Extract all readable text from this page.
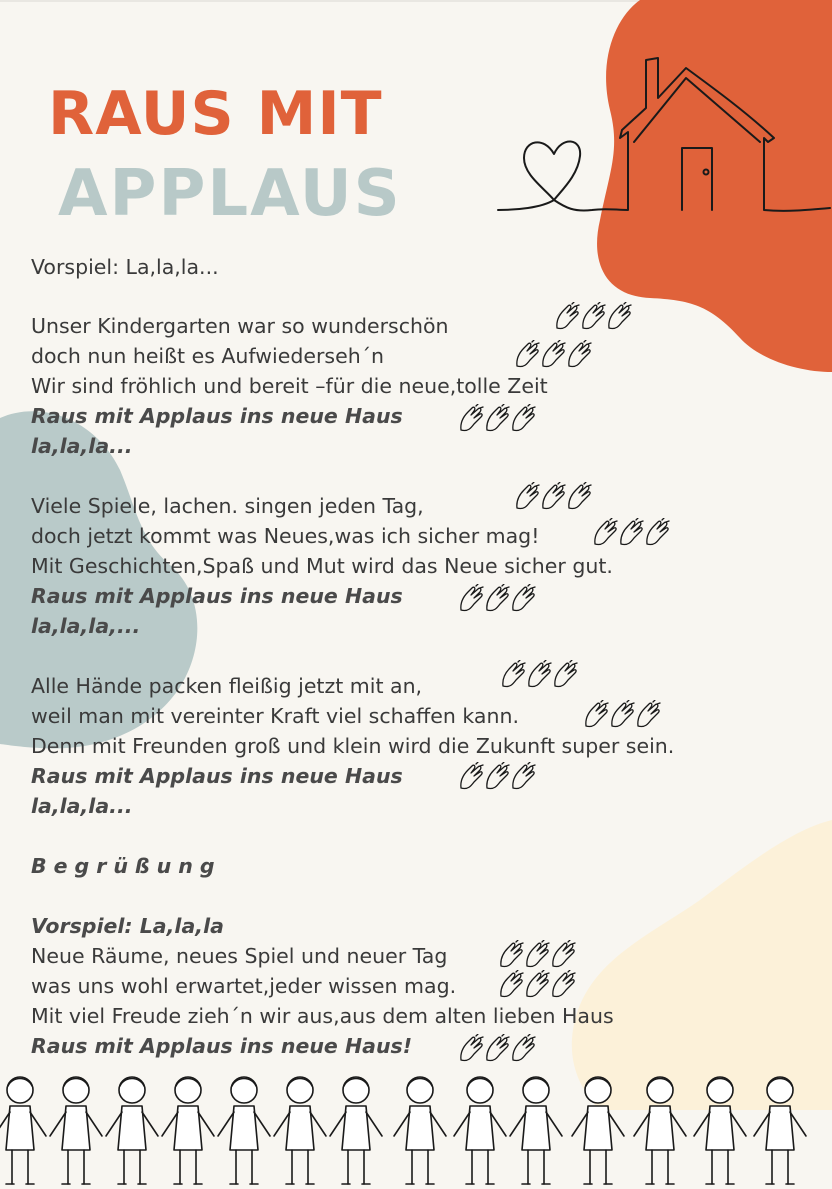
RAUS MIT
APPLAUS
Vorspiel: La,la,la...
Unser Kindergarten war so wunderschön
doch nun heißt es Aufwiederseh´n
Wir sind fröhlich und bereit –für die neue,tolle Zeit
Raus mit Applaus ins neue Haus
la,la,la...
Viele Spiele, lachen. singen jeden Tag,
doch jetzt kommt was Neues,was ich sicher mag!
Mit Geschichten,Spaß und Mut wird das Neue sicher gut.
Raus mit Applaus ins neue Haus
la,la,la,...
Alle Hände packen fleißig jetzt mit an,
weil man mit vereinter Kraft viel schaffen kann.
Denn mit Freunden groß und klein wird die Zukunft super sein.
Raus mit Applaus ins neue Haus
la,la,la...
Begrüßung
Vorspiel: La,la,la
Neue Räume, neues Spiel und neuer Tag
was uns wohl erwartet,jeder wissen mag.
Mit viel Freude zieh´n wir aus,aus dem alten lieben Haus
Raus mit Applaus ins neue Haus!
